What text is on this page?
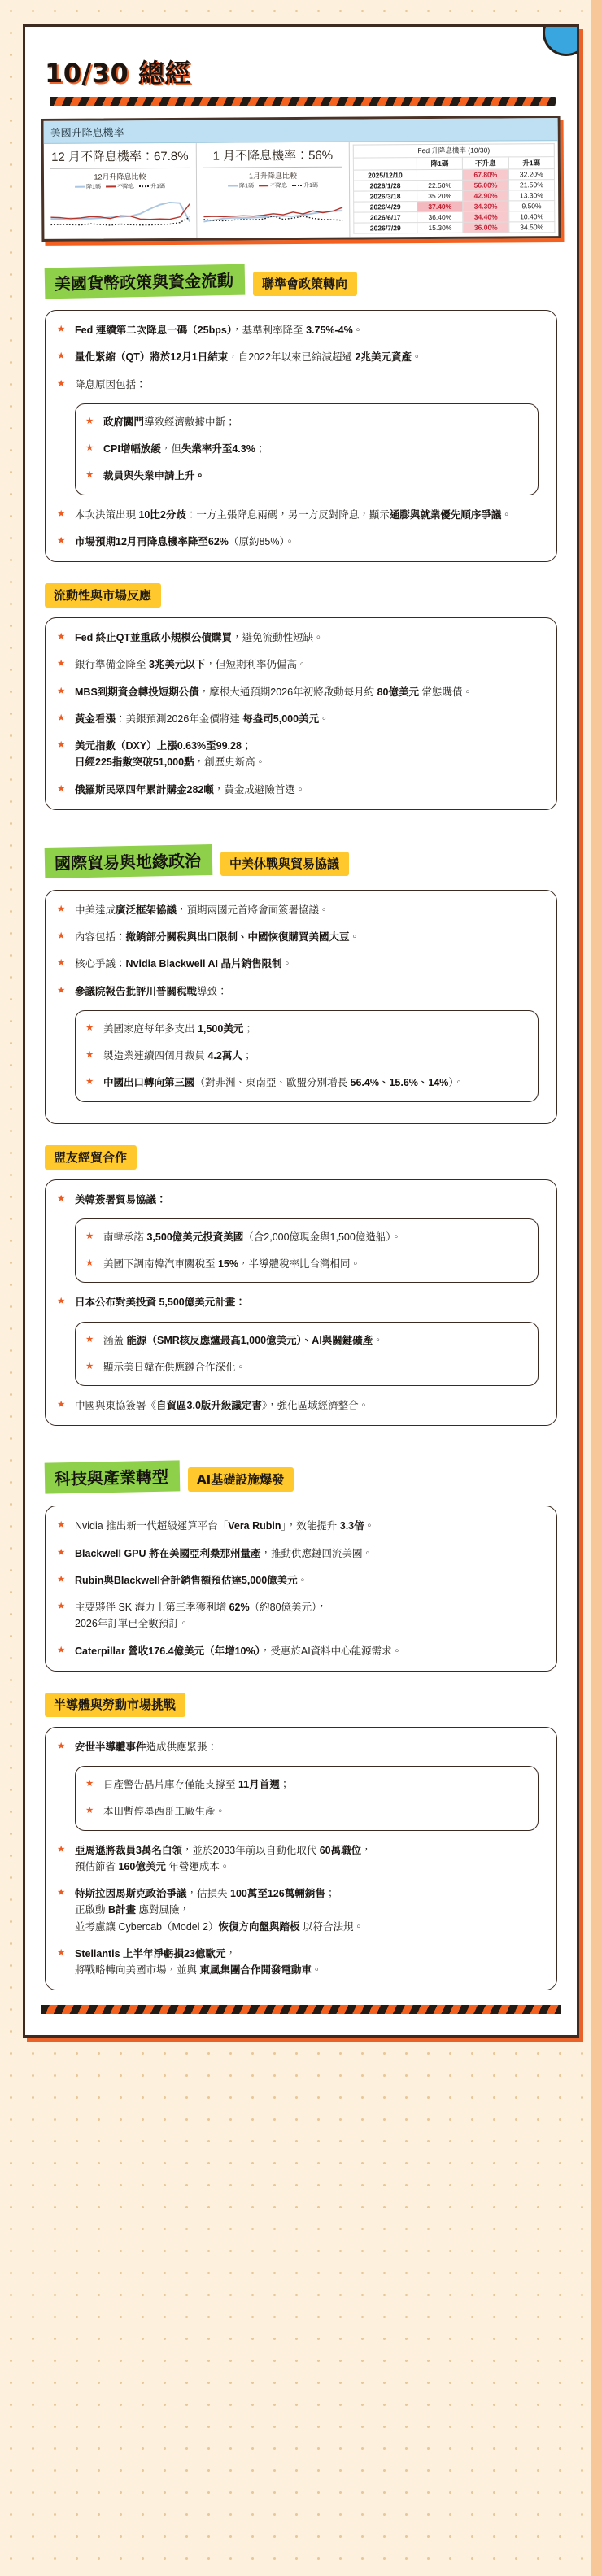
10/30 總經
美國升降息機率
12 月不降息機率：67.8%
12月升降息比較
降1碼	不降息	升1碼
1 月不降息機率：56%
1月升降息比較
降1碼	不降息	升1碼
Fed 升降息機率 (10/30)
	降1碼	不升息	升1碼
2025/12/10		67.80%	32.20%
2026/1/28	22.50%	56.00%	21.50%
2026/3/18	35.20%	42.90%	13.30%
2026/4/29	37.40%	34.30%	9.50%
2026/6/17	36.40%	34.40%	10.40%
2026/7/29	15.30%	36.00%	34.50%
美國貨幣政策與資金流動 聯準會政策轉向
★ Fed 連續第二次降息一碼（25bps），基準利率降至 3.75%-4%。
★ 量化緊縮（QT）將於12月1日結束，自2022年以來已縮減超過 2兆美元資產。
★ 降息原因包括：
★ 政府關門導致經濟數據中斷；
★ CPI增幅放緩，但失業率升至4.3%；
★ 裁員與失業申請上升。
★ 本次決策出現 10比2分歧：一方主張降息兩碼，另一方反對降息，顯示通膨與就業優先順序爭議。
★ 市場預期12月再降息機率降至62%（原約85%）。
流動性與市場反應
★ Fed 終止QT並重啟小規模公債購買，避免流動性短缺。
★ 銀行準備金降至 3兆美元以下，但短期利率仍偏高。
★ MBS到期資金轉投短期公債，摩根大通預期2026年初將啟動每月約 80億美元 常態購債。
★ 黃金看漲：美銀預測2026年金價將達 每盎司5,000美元。
★ 美元指數（DXY）上漲0.63%至99.28；
日經225指數突破51,000點，創歷史新高。
★ 俄羅斯民眾四年累計購金282噸，黃金成避險首選。
國際貿易與地緣政治 中美休戰與貿易協議
★ 中美達成廣泛框架協議，預期兩國元首將會面簽署協議。
★ 內容包括：撤銷部分關稅與出口限制、中國恢復購買美國大豆。
★ 核心爭議：Nvidia Blackwell AI 晶片銷售限制。
★ 參議院報告批評川普關稅戰導致：
★ 美國家庭每年多支出 1,500美元；
★ 製造業連續四個月裁員 4.2萬人；
★ 中國出口轉向第三國（對非洲、東南亞、歐盟分別增長 56.4%、15.6%、14%）。
盟友經貿合作
★ 美韓簽署貿易協議：
★ 南韓承諾 3,500億美元投資美國（含2,000億現金與1,500億造船）。
★ 美國下調南韓汽車關稅至 15%，半導體稅率比台灣相同。
★ 日本公布對美投資 5,500億美元計畫：
★ 涵蓋 能源（SMR核反應爐最高1,000億美元）、AI與關鍵礦產。
★ 顯示美日韓在供應鏈合作深化。
★ 中國與東協簽署《自貿區3.0版升級議定書》，強化區域經濟整合。
科技與產業轉型 AI基礎設施爆發
★ Nvidia 推出新一代超級運算平台「Vera Rubin」，效能提升 3.3倍。
★ Blackwell GPU 將在美國亞利桑那州量產，推動供應鏈回流美國。
★ Rubin與Blackwell合計銷售額預估達5,000億美元。
★ 主要夥伴 SK 海力士第三季獲利增 62%（約80億美元），
2026年訂單已全數預訂。
★ Caterpillar 營收176.4億美元（年增10%），受惠於AI資料中心能源需求。
半導體與勞動市場挑戰
★ 安世半導體事件造成供應緊張：
★ 日產警告晶片庫存僅能支撐至 11月首週；
★ 本田暫停墨西哥工廠生產。
★ 亞馬遜將裁員3萬名白領，並於2033年前以自動化取代 60萬職位，
預估節省 160億美元 年營運成本。
★ 特斯拉因馬斯克政治爭議，估損失 100萬至126萬輛銷售；
正啟動 B計畫 應對風險，
並考慮讓 Cybercab（Model 2）恢復方向盤與踏板 以符合法規。
★ Stellantis 上半年淨虧損23億歐元，
將戰略轉向美國市場，並與 東風集團合作開發電動車。
